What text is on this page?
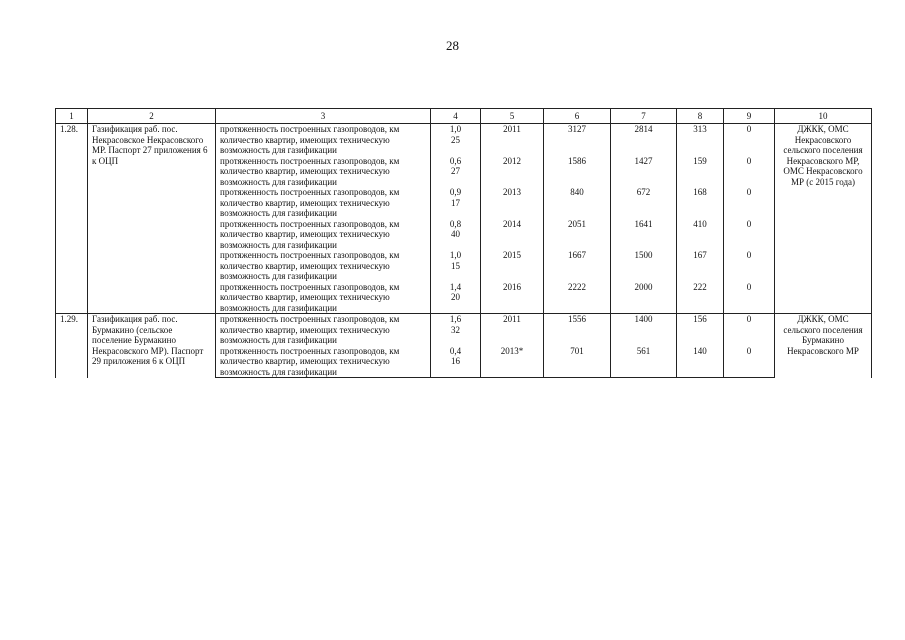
28
1	2	3	4	5	6	7	8	9	10
1.28.	Газификация раб. пос. Некрасовское Некрасовского МР. Паспорт 27 приложения 6 к ОЦП	протяженность построенных газопроводов, км	1,0	2011	3127	2814	313	0	ДЖКК, ОМС Некрасовского сельского поселения Некрасовского МР, ОМС Некрасовского МР (с 2015 года)
		количество квартир, имеющих техническую возможность для газификации	25						
		протяженность построенных газопроводов, км	0,6	2012	1586	1427	159	0	
		количество квартир, имеющих техническую возможность для газификации	27						
		протяженность построенных газопроводов, км	0,9	2013	840	672	168	0	
		количество квартир, имеющих техническую возможность для газификации	17						
		протяженность построенных газопроводов, км	0,8	2014	2051	1641	410	0	
		количество квартир, имеющих техническую возможность для газификации	40						
		протяженность построенных газопроводов, км	1,0	2015	1667	1500	167	0	
		количество квартир, имеющих техническую возможность для газификации	15						
		протяженность построенных газопроводов, км	1,4	2016	2222	2000	222	0	
		количество квартир, имеющих техническую возможность для газификации	20						
1.29.	Газификация раб. пос. Бурмакино (сельское поселение Бурмакино Некрасовского МР). Паспорт 29 приложения 6 к ОЦП	протяженность построенных газопроводов, км	1,6	2011	1556	1400	156	0	ДЖКК, ОМС сельского поселения Бурмакино Некрасовского МР
		количество квартир, имеющих техническую возможность для газификации	32						
		протяженность построенных газопроводов, км	0,4	2013*	701	561	140	0	
		количество квартир, имеющих техническую возможность для газификации	16						
